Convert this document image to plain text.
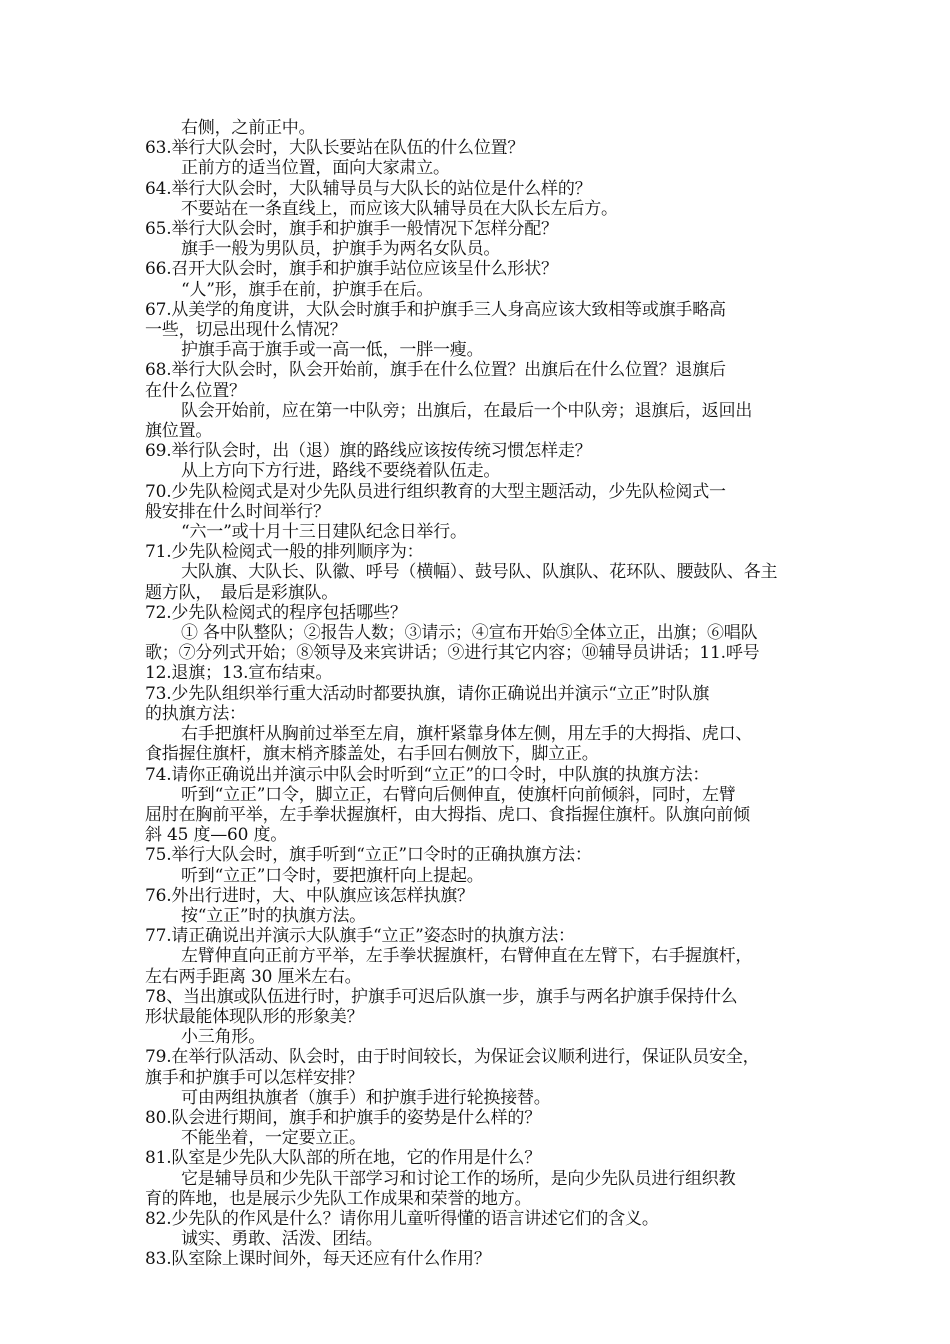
右侧，之前正中。
63.举行大队会时，大队长要站在队伍的什么位置？
正前方的适当位置，面向大家肃立。
64.举行大队会时，大队辅导员与大队长的站位是什么样的？
不要站在一条直线上，而应该大队辅导员在大队长左后方。
65.举行大队会时，旗手和护旗手一般情况下怎样分配？
旗手一般为男队员，护旗手为两名女队员。
66.召开大队会时，旗手和护旗手站位应该呈什么形状？
“人”形，旗手在前，护旗手在后。
67.从美学的角度讲，大队会时旗手和护旗手三人身高应该大致相等或旗手略高
一些，切忌出现什么情况？
护旗手高于旗手或一高一低，一胖一瘦。
68.举行大队会时，队会开始前，旗手在什么位置？出旗后在什么位置？退旗后
在什么位置？
队会开始前，应在第一中队旁；出旗后，在最后一个中队旁；退旗后，返回出
旗位置。
69.举行队会时，出（退）旗的路线应该按传统习惯怎样走？
从上方向下方行进，路线不要绕着队伍走。
70.少先队检阅式是对少先队员进行组织教育的大型主题活动，少先队检阅式一
般安排在什么时间举行？
“六一”或十月十三日建队纪念日举行。
71.少先队检阅式一般的排列顺序为：
大队旗、大队长、队徽、呼号（横幅）、鼓号队、队旗队、花环队、腰鼓队、各主
题方队，　最后是彩旗队。
72.少先队检阅式的程序包括哪些？
① 各中队整队；②报告人数；③请示；④宣布开始⑤全体立正，出旗；⑥唱队
歌；⑦分列式开始；⑧领导及来宾讲话；⑨进行其它内容；⑩辅导员讲话；11.呼号
12.退旗；13.宣布结束。
73.少先队组织举行重大活动时都要执旗，请你正确说出并演示“立正”时队旗
的执旗方法：
右手把旗杆从胸前过举至左肩，旗杆紧靠身体左侧，用左手的大拇指、虎口、
食指握住旗杆，旗末梢齐膝盖处，右手回右侧放下，脚立正。
74.请你正确说出并演示中队会时听到“立正”的口令时，中队旗的执旗方法：
听到“立正”口令，脚立正，右臂向后侧伸直，使旗杆向前倾斜，同时，左臂
屈肘在胸前平举，左手拳状握旗杆，由大拇指、虎口、食指握住旗杆。队旗向前倾
斜 45 度—60 度。
75.举行大队会时，旗手听到“立正”口令时的正确执旗方法：
听到“立正”口令时，要把旗杆向上提起。
76.外出行进时，大、中队旗应该怎样执旗？
按“立正”时的执旗方法。
77.请正确说出并演示大队旗手“立正”姿态时的执旗方法：
左臂伸直向正前方平举，左手拳状握旗杆，右臂伸直在左臂下，右手握旗杆，
左右两手距离 30 厘米左右。
78、当出旗或队伍进行时，护旗手可迟后队旗一步，旗手与两名护旗手保持什么
形状最能体现队形的形象美？
小三角形。
79.在举行队活动、队会时，由于时间较长，为保证会议顺利进行，保证队员安全，
旗手和护旗手可以怎样安排？
可由两组执旗者（旗手）和护旗手进行轮换接替。
80.队会进行期间，旗手和护旗手的姿势是什么样的？
不能坐着，一定要立正。
81.队室是少先队大队部的所在地，它的作用是什么？
它是辅导员和少先队干部学习和讨论工作的场所，是向少先队员进行组织教
育的阵地，也是展示少先队工作成果和荣誉的地方。
82.少先队的作风是什么？请你用儿童听得懂的语言讲述它们的含义。
诚实、勇敢、活泼、团结。
83.队室除上课时间外，每天还应有什么作用？
